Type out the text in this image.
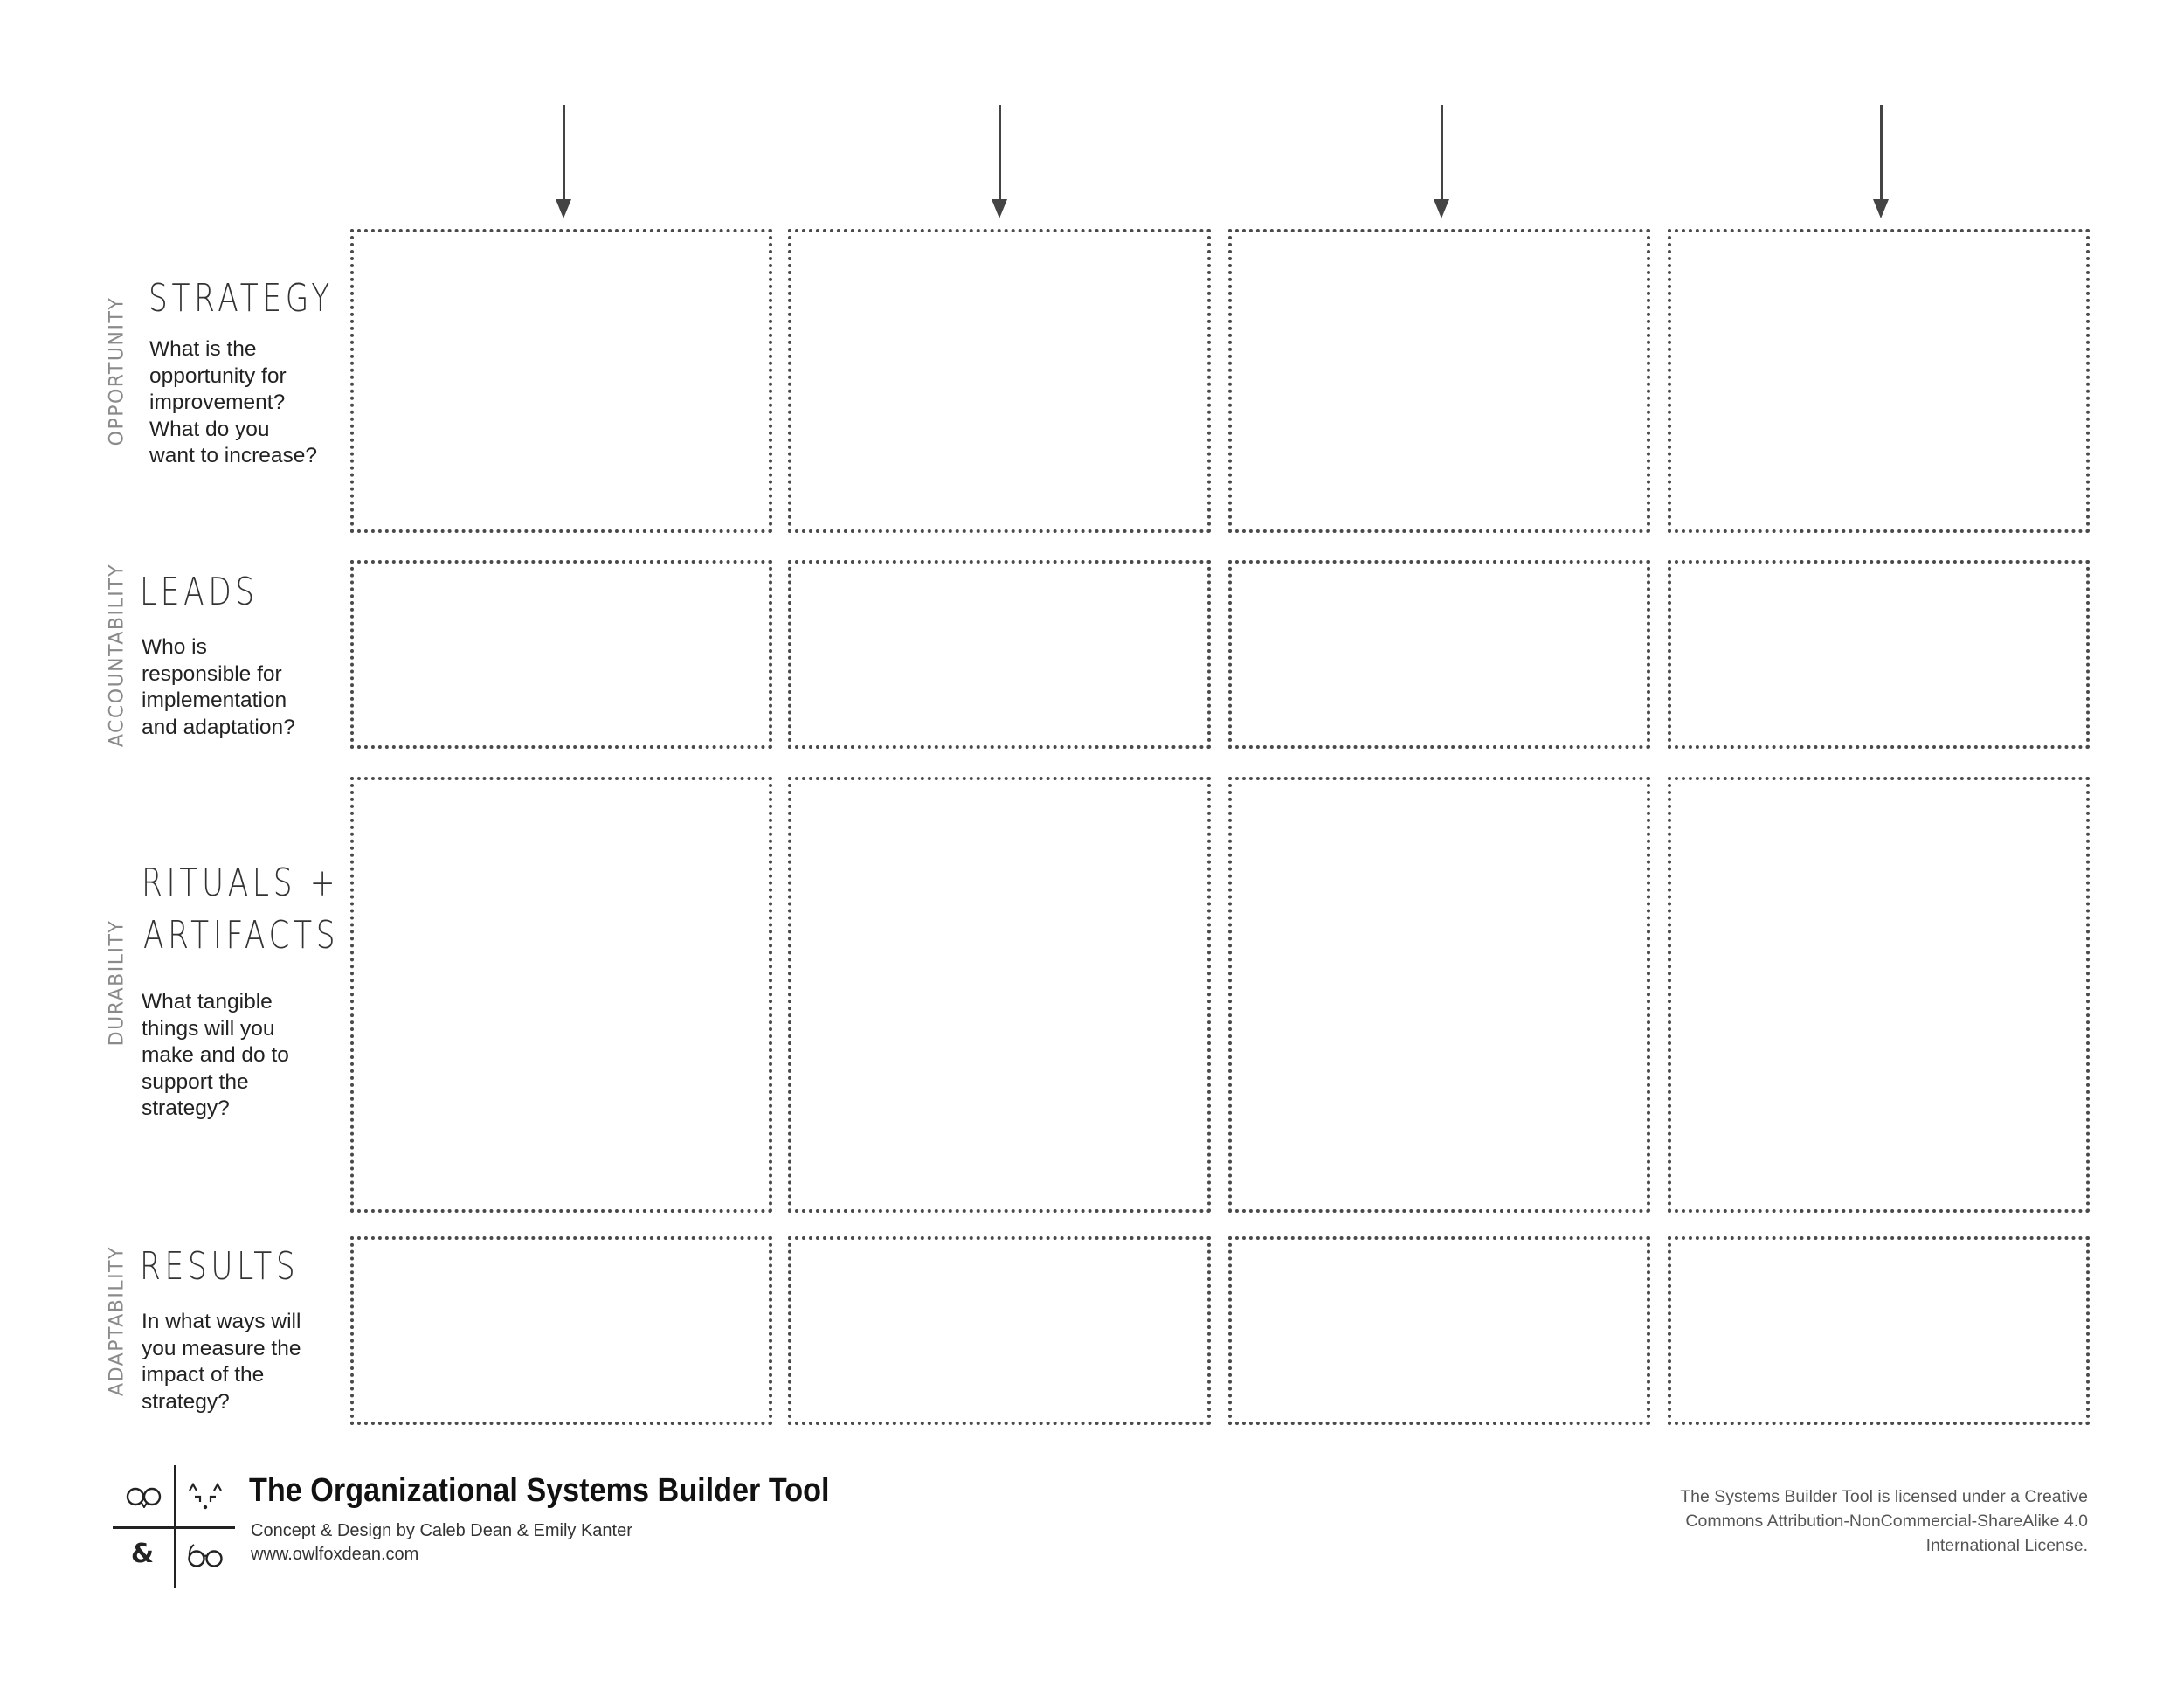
OPPORTUNITY STRATEGY
What is the
opportunity for
improvement?
What do you
want to increase?
ACCOUNTABILITY LEADS
Who is
responsible for
implementation
and adaptation?
DURABILITY
RITUALS +
ARTIFACTS
What tangible
things will you
make and do to
support the
strategy?
ADAPTABILITY RESULTS
In what ways will
you measure the
impact of the
strategy?
&
The Organizational Systems Builder Tool
Concept & Design by Caleb Dean & Emily Kanter
www.owlfoxdean.com
The Systems Builder Tool is licensed under a Creative
Commons Attribution-NonCommercial-ShareAlike 4.0
International License.
